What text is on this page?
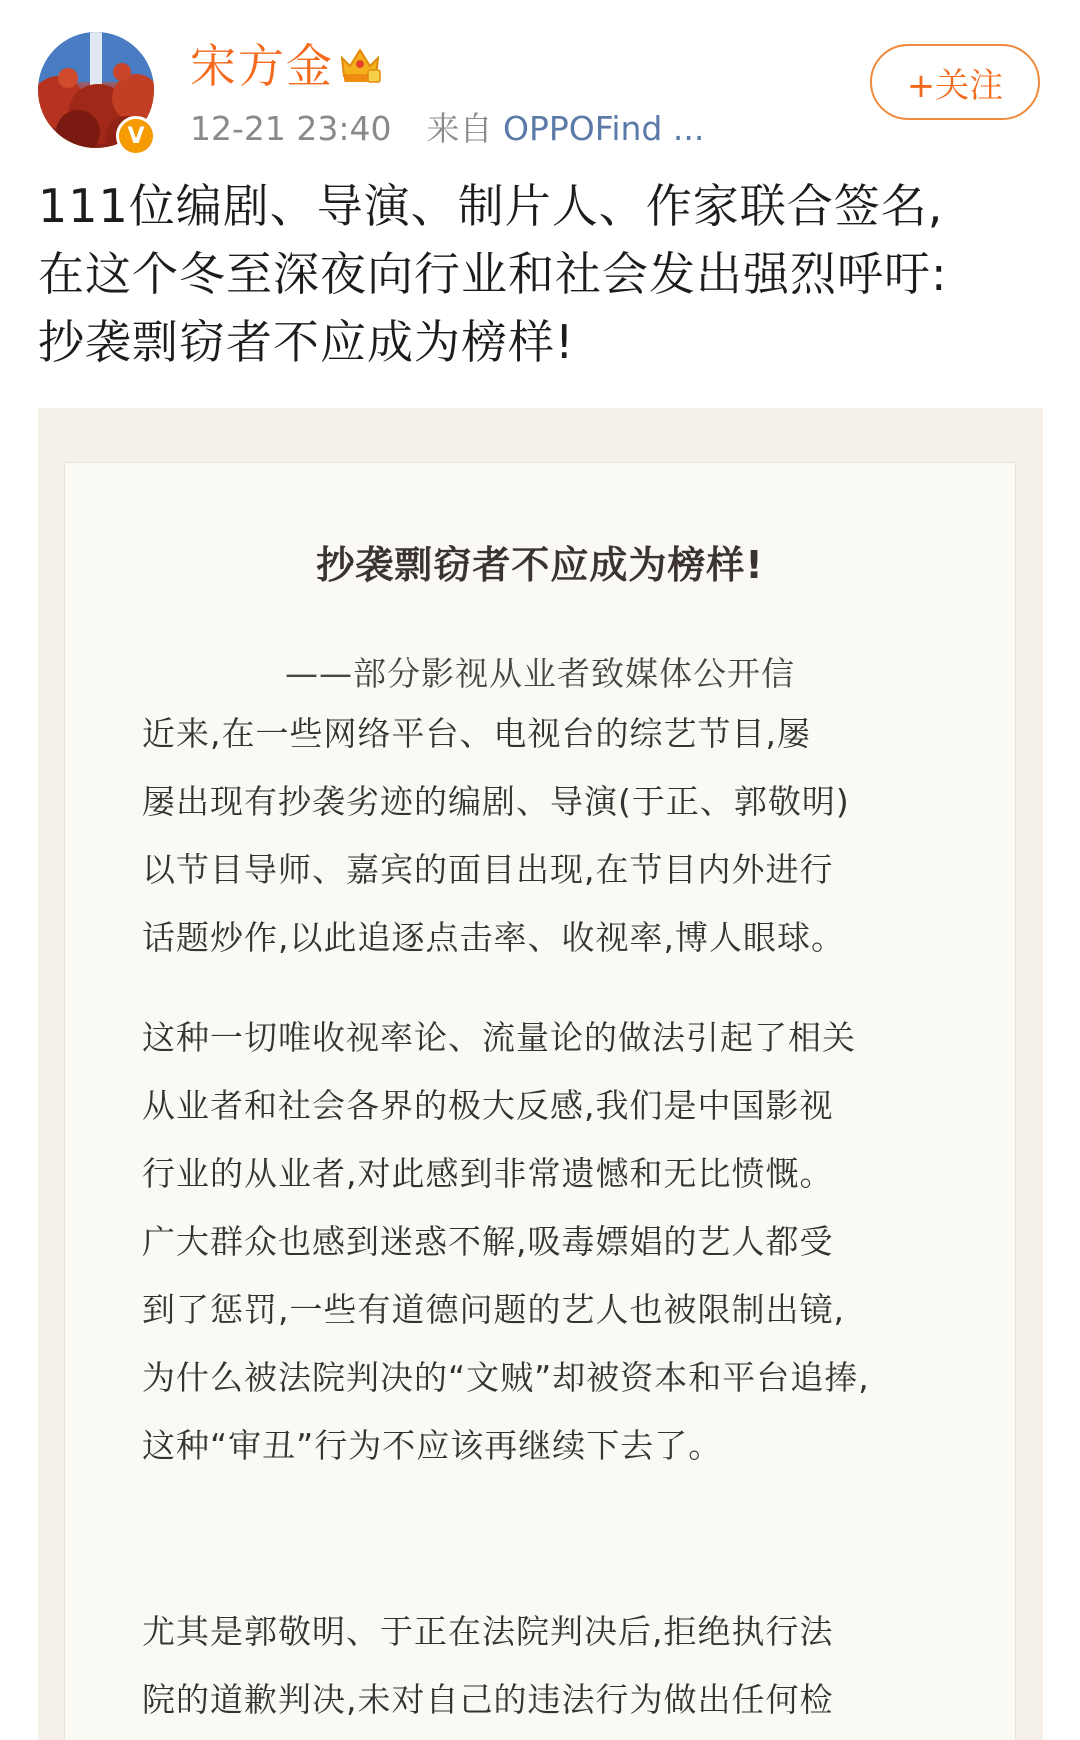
V
宋方金
12-21 23:40 来自 OPPOFind ...
+关注
111位编剧、导演、制片人、作家联合签名,
在这个冬至深夜向行业和社会发出强烈呼吁:
抄袭剽窃者不应成为榜样!
抄袭剽窃者不应成为榜样!
——部分影视从业者致媒体公开信
近来,在一些网络平台、电视台的综艺节目,屡
屡出现有抄袭劣迹的编剧、导演(于正、郭敬明)
以节目导师、嘉宾的面目出现,在节目内外进行
话题炒作,以此追逐点击率、收视率,博人眼球。
这种一切唯收视率论、流量论的做法引起了相关
从业者和社会各界的极大反感,我们是中国影视
行业的从业者,对此感到非常遗憾和无比愤慨。
广大群众也感到迷惑不解,吸毒嫖娼的艺人都受
到了惩罚,一些有道德问题的艺人也被限制出镜,
为什么被法院判决的“文贼”却被资本和平台追捧,
这种“审丑”行为不应该再继续下去了。
尤其是郭敬明、于正在法院判决后,拒绝执行法
院的道歉判决,未对自己的违法行为做出任何检
